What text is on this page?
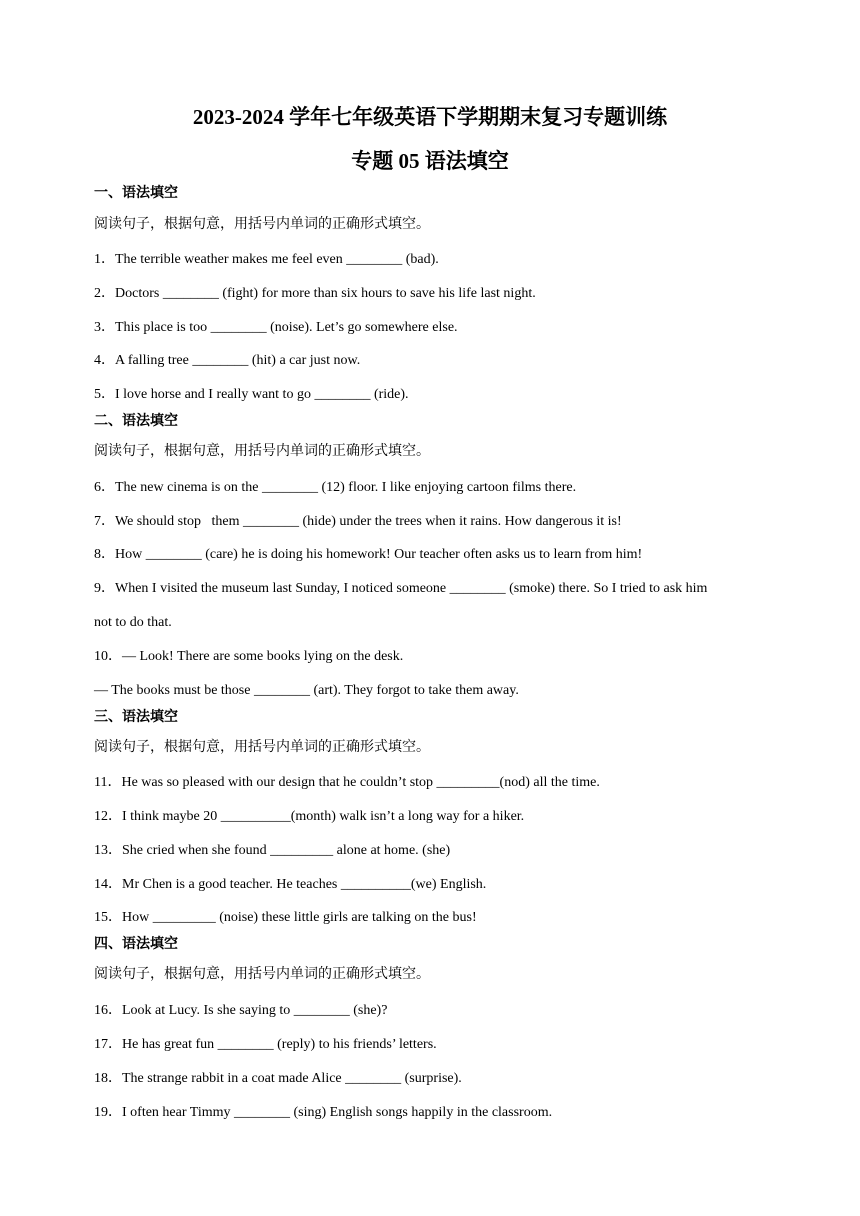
2023-2024 学年七年级英语下学期期末复习专题训练
专题 05 语法填空
一、语法填空
阅读句子，根据句意，用括号内单词的正确形式填空。
1．The terrible weather makes me feel even ________ (bad).
2．Doctors ________ (fight) for more than six hours to save his life last night.
3．This place is too ________ (noise). Let’s go somewhere else.
4．A falling tree ________ (hit) a car just now.
5．I love horse and I really want to go ________ (ride).
二、语法填空
阅读句子，根据句意，用括号内单词的正确形式填空。
6．The new cinema is on the ________ (12) floor. I like enjoying cartoon films there.
7．We should stop   them ________ (hide) under the trees when it rains. How dangerous it is!
8．How ________ (care) he is doing his homework! Our teacher often asks us to learn from him!
9．When I visited the museum last Sunday, I noticed someone ________ (smoke) there. So I tried to ask him
not to do that.
10．— Look! There are some books lying on the desk.
— The books must be those ________ (art). They forgot to take them away.
三、语法填空
阅读句子，根据句意，用括号内单词的正确形式填空。
11．He was so pleased with our design that he couldn’t stop _________(nod) all the time.
12．I think maybe 20 __________(month) walk isn’t a long way for a hiker.
13．She cried when she found _________ alone at home. (she)
14．Mr Chen is a good teacher. He teaches __________(we) English.
15．How _________ (noise) these little girls are talking on the bus!
四、语法填空
阅读句子，根据句意，用括号内单词的正确形式填空。
16．Look at Lucy. Is she saying to ________ (she)?
17．He has great fun ________ (reply) to his friends’ letters.
18．The strange rabbit in a coat made Alice ________ (surprise).
19．I often hear Timmy ________ (sing) English songs happily in the classroom.
